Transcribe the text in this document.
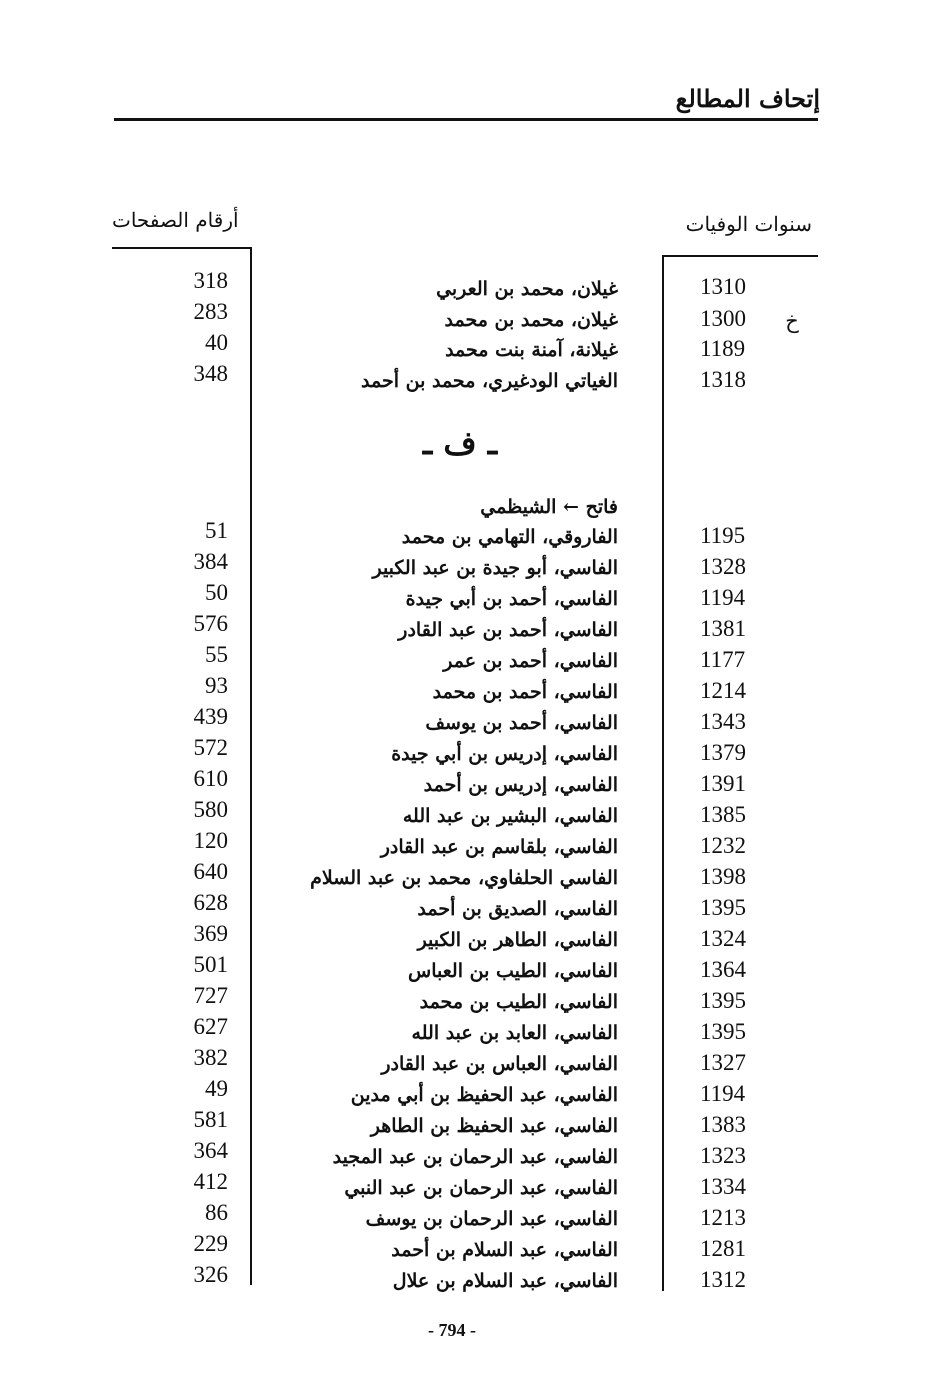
إتحاف المطالع
سنوات الوفيات
أرقام الصفحات
1310
غيلان، محمد بن العربي
318
1300	خ
غيلان، محمد بن محمد
283
1189
غيلانة، آمنة بنت محمد
40
1318
الغياتي الودغيري، محمد بن أحمد
348
ـ ف ـ
فاتح ← الشيظمي
1195
الفاروقي، التهامي بن محمد
51
1328
الفاسي، أبو جيدة بن عبد الكبير
384
1194
الفاسي، أحمد بن أبي جيدة
50
1381
الفاسي، أحمد بن عبد القادر
576
1177
الفاسي، أحمد بن عمر
55
1214
الفاسي، أحمد بن محمد
93
1343
الفاسي، أحمد بن يوسف
439
1379
الفاسي، إدريس بن أبي جيدة
572
1391
الفاسي، إدريس بن أحمد
610
1385
الفاسي، البشير بن عبد الله
580
1232
الفاسي، بلقاسم بن عبد القادر
120
1398
الفاسي الحلفاوي، محمد بن عبد السلام
640
1395
الفاسي، الصديق بن أحمد
628
1324
الفاسي، الطاهر بن الكبير
369
1364
الفاسي، الطيب بن العباس
501
1395
الفاسي، الطيب بن محمد
727
1395
الفاسي، العابد بن عبد الله
627
1327
الفاسي، العباس بن عبد القادر
382
1194
الفاسي، عبد الحفيظ بن أبي مدين
49
1383
الفاسي، عبد الحفيظ بن الطاهر
581
1323
الفاسي، عبد الرحمان بن عبد المجيد
364
1334
الفاسي، عبد الرحمان بن عبد النبي
412
1213
الفاسي، عبد الرحمان بن يوسف
86
1281
الفاسي، عبد السلام بن أحمد
229
1312
الفاسي، عبد السلام بن علال
326
- 794 -
